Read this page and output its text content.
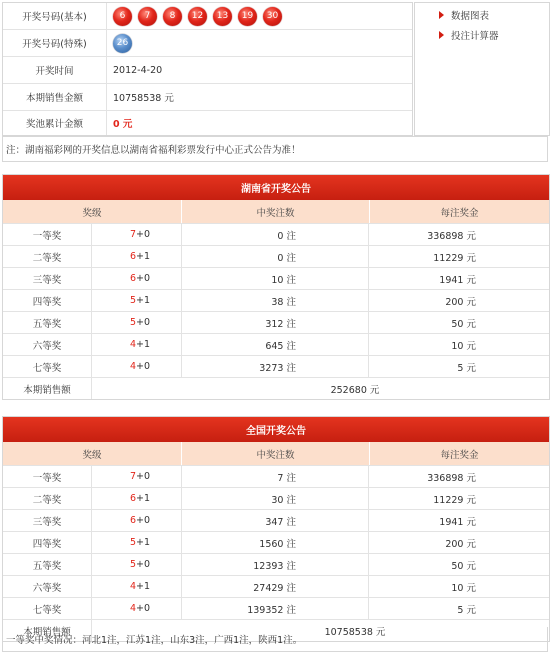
开奖号码(基本)	6	7	8	12	13	19	30
开奖号码(特殊)	26
开奖时间	2012-4-20
本期销售金额	10758538 元
奖池累计金额	0 元
数据图表
投注计算器
注：湖南福彩网的开奖信息以湖南省福利彩票发行中心正式公告为准！
湖南省开奖公告
奖级	中奖注数	每注奖金
一等奖	7 +0	0 注	336898 元
二等奖	6 +1	0 注	11229 元
三等奖	6 +0	10 注	1941 元
四等奖	5 +1	38 注	200 元
五等奖	5 +0	312 注	50 元
六等奖	4 +1	645 注	10 元
七等奖	4 +0	3273 注	5 元
本期销售额	252680 元
全国开奖公告
奖级	中奖注数	每注奖金
一等奖	7 +0	7 注	336898 元
二等奖	6 +1	30 注	11229 元
三等奖	6 +0	347 注	1941 元
四等奖	5 +1	1560 注	200 元
五等奖	5 +0	12393 注	50 元
六等奖	4 +1	27429 注	10 元
七等奖	4 +0	139352 注	5 元
本期销售额	10758538 元
一等奖中奖情况：河北1注，江苏1注，山东3注，广西1注，陕西1注。
